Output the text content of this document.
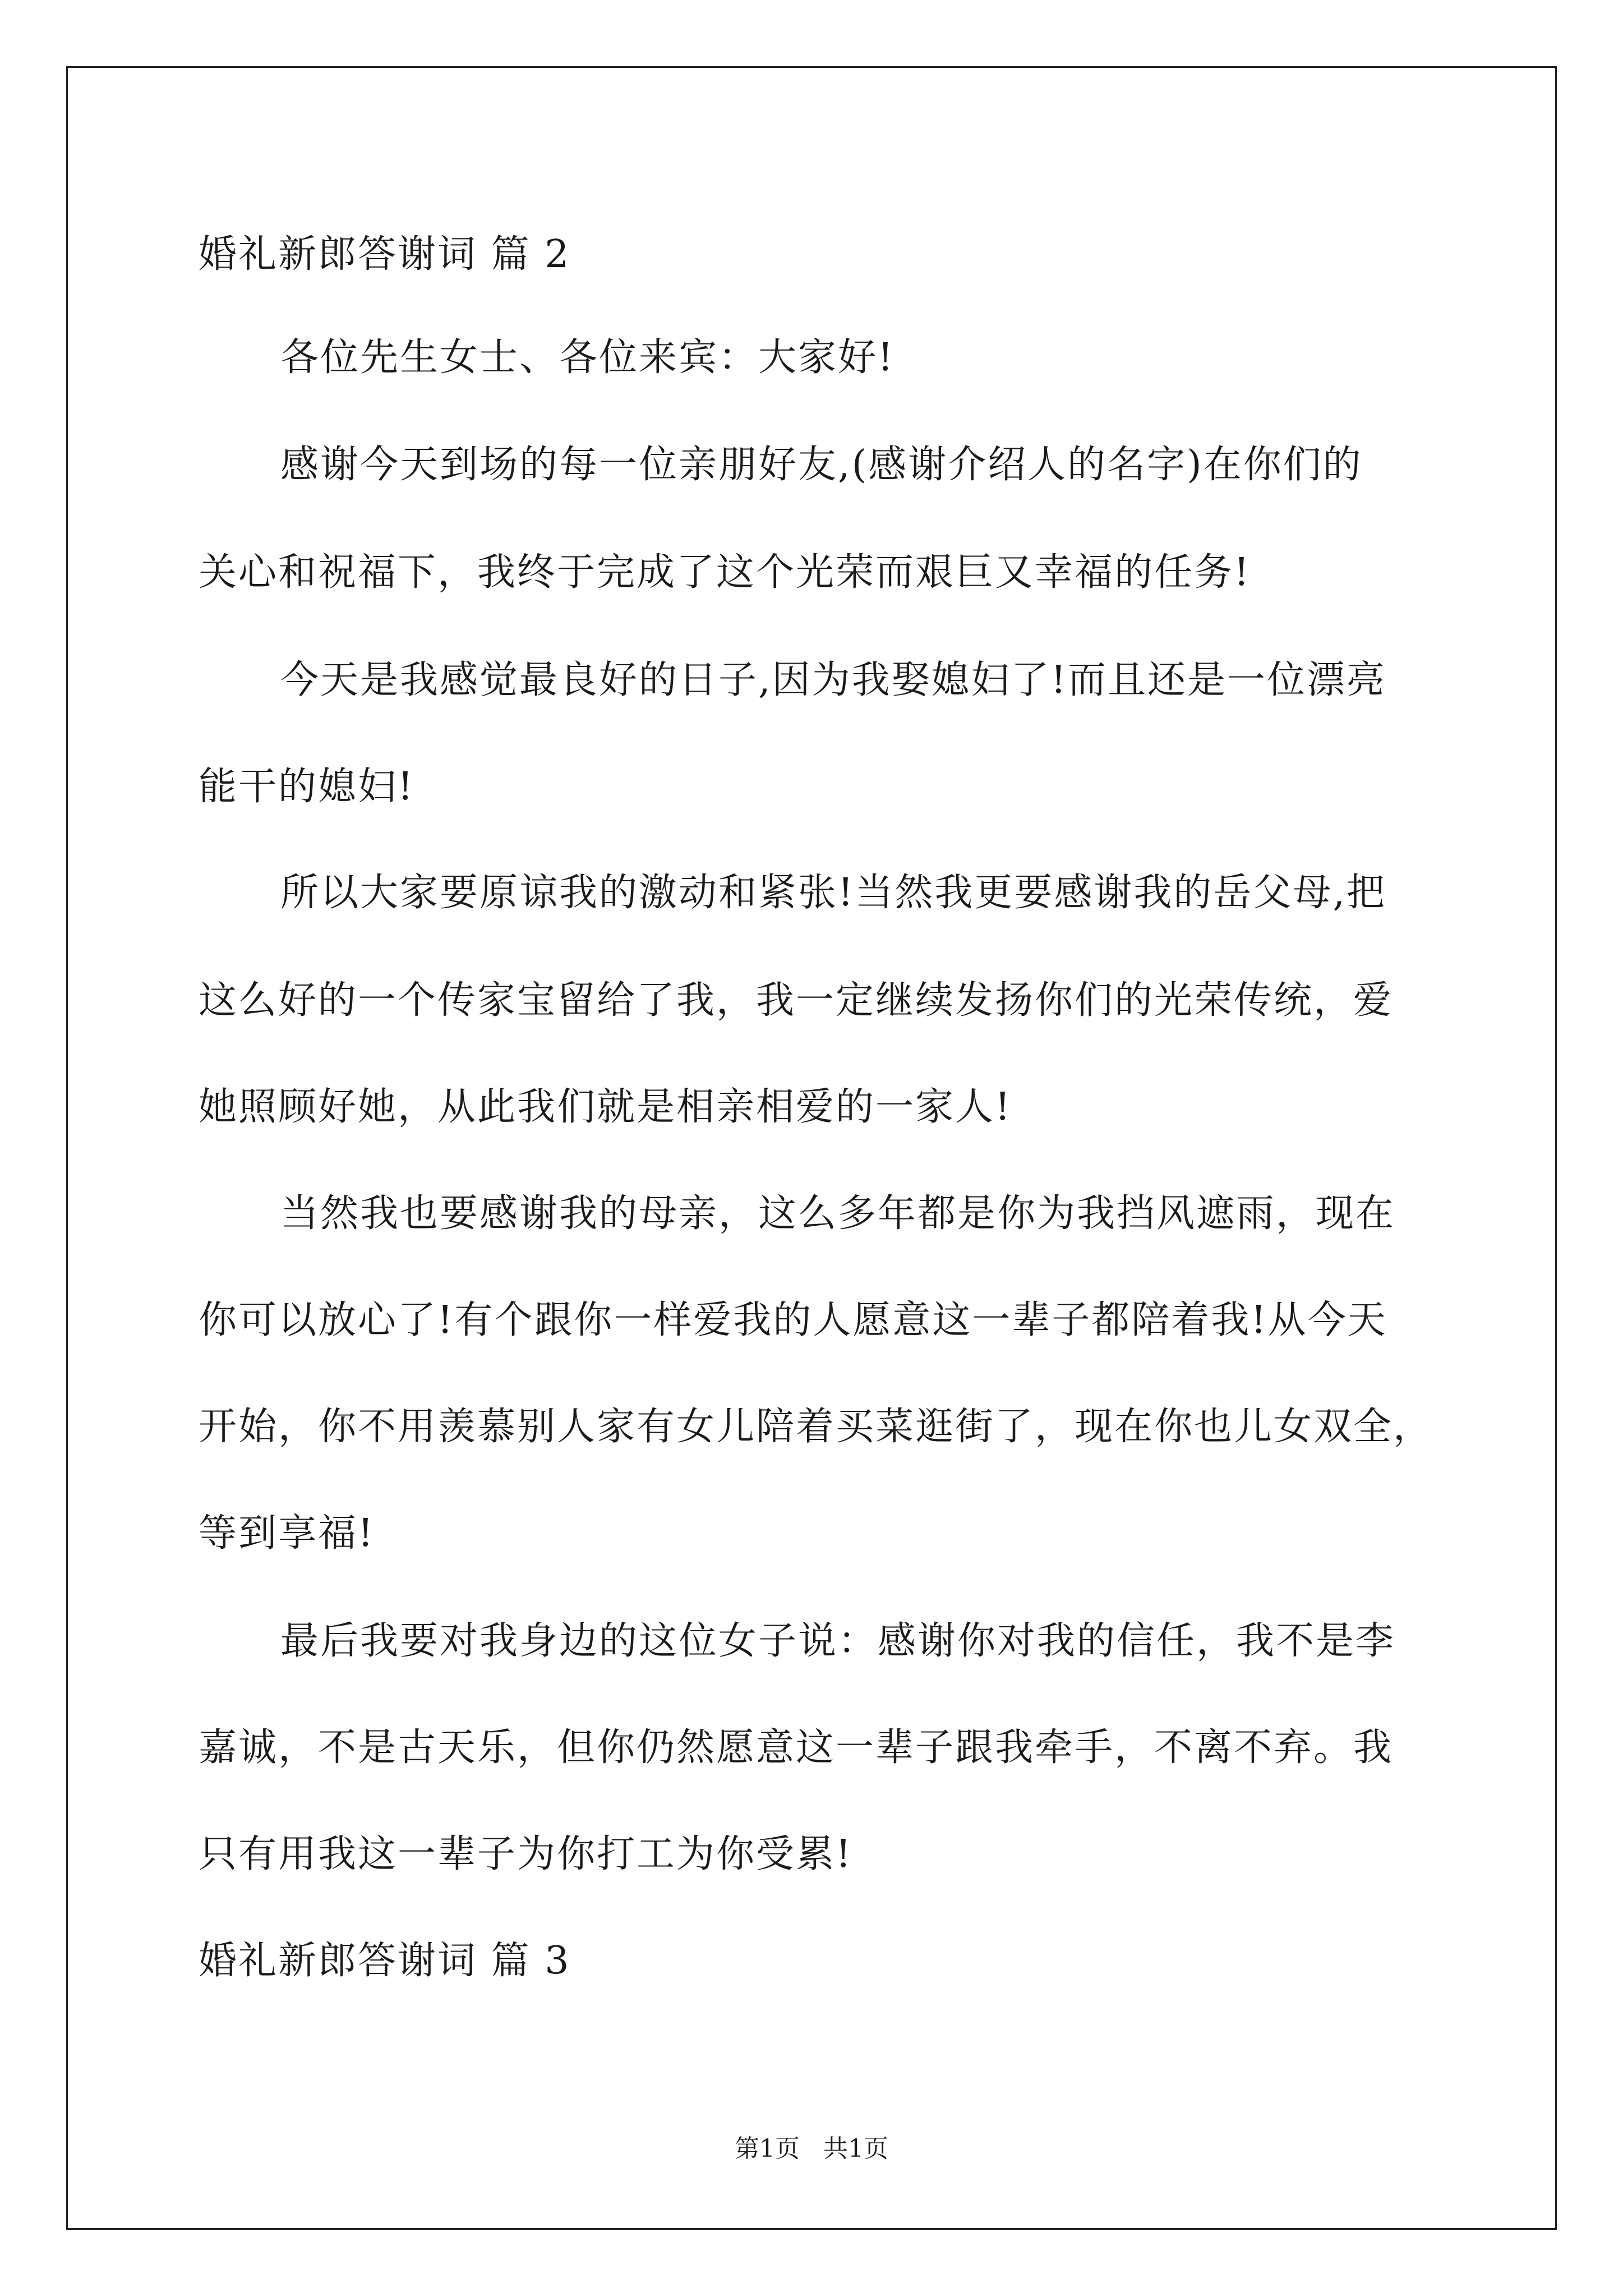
婚礼新郎答谢词 篇 2
各位先生女士、各位来宾：大家好!
感谢今天到场的每一位亲朋好友,(感谢介绍人的名字)在你们的
关心和祝福下，我终于完成了这个光荣而艰巨又幸福的任务!
今天是我感觉最良好的日子,因为我娶媳妇了!而且还是一位漂亮
能干的媳妇!
所以大家要原谅我的激动和紧张!当然我更要感谢我的岳父母,把
这么好的一个传家宝留给了我，我一定继续发扬你们的光荣传统，爱
她照顾好她，从此我们就是相亲相爱的一家人!
当然我也要感谢我的母亲，这么多年都是你为我挡风遮雨，现在
你可以放心了!有个跟你一样爱我的人愿意这一辈子都陪着我!从今天
开始，你不用羡慕别人家有女儿陪着买菜逛街了，现在你也儿女双全，
等到享福!
最后我要对我身边的这位女子说：感谢你对我的信任，我不是李
嘉诚，不是古天乐，但你仍然愿意这一辈子跟我牵手，不离不弃。我
只有用我这一辈子为你打工为你受累!
婚礼新郎答谢词 篇 3
第1页   共1页
